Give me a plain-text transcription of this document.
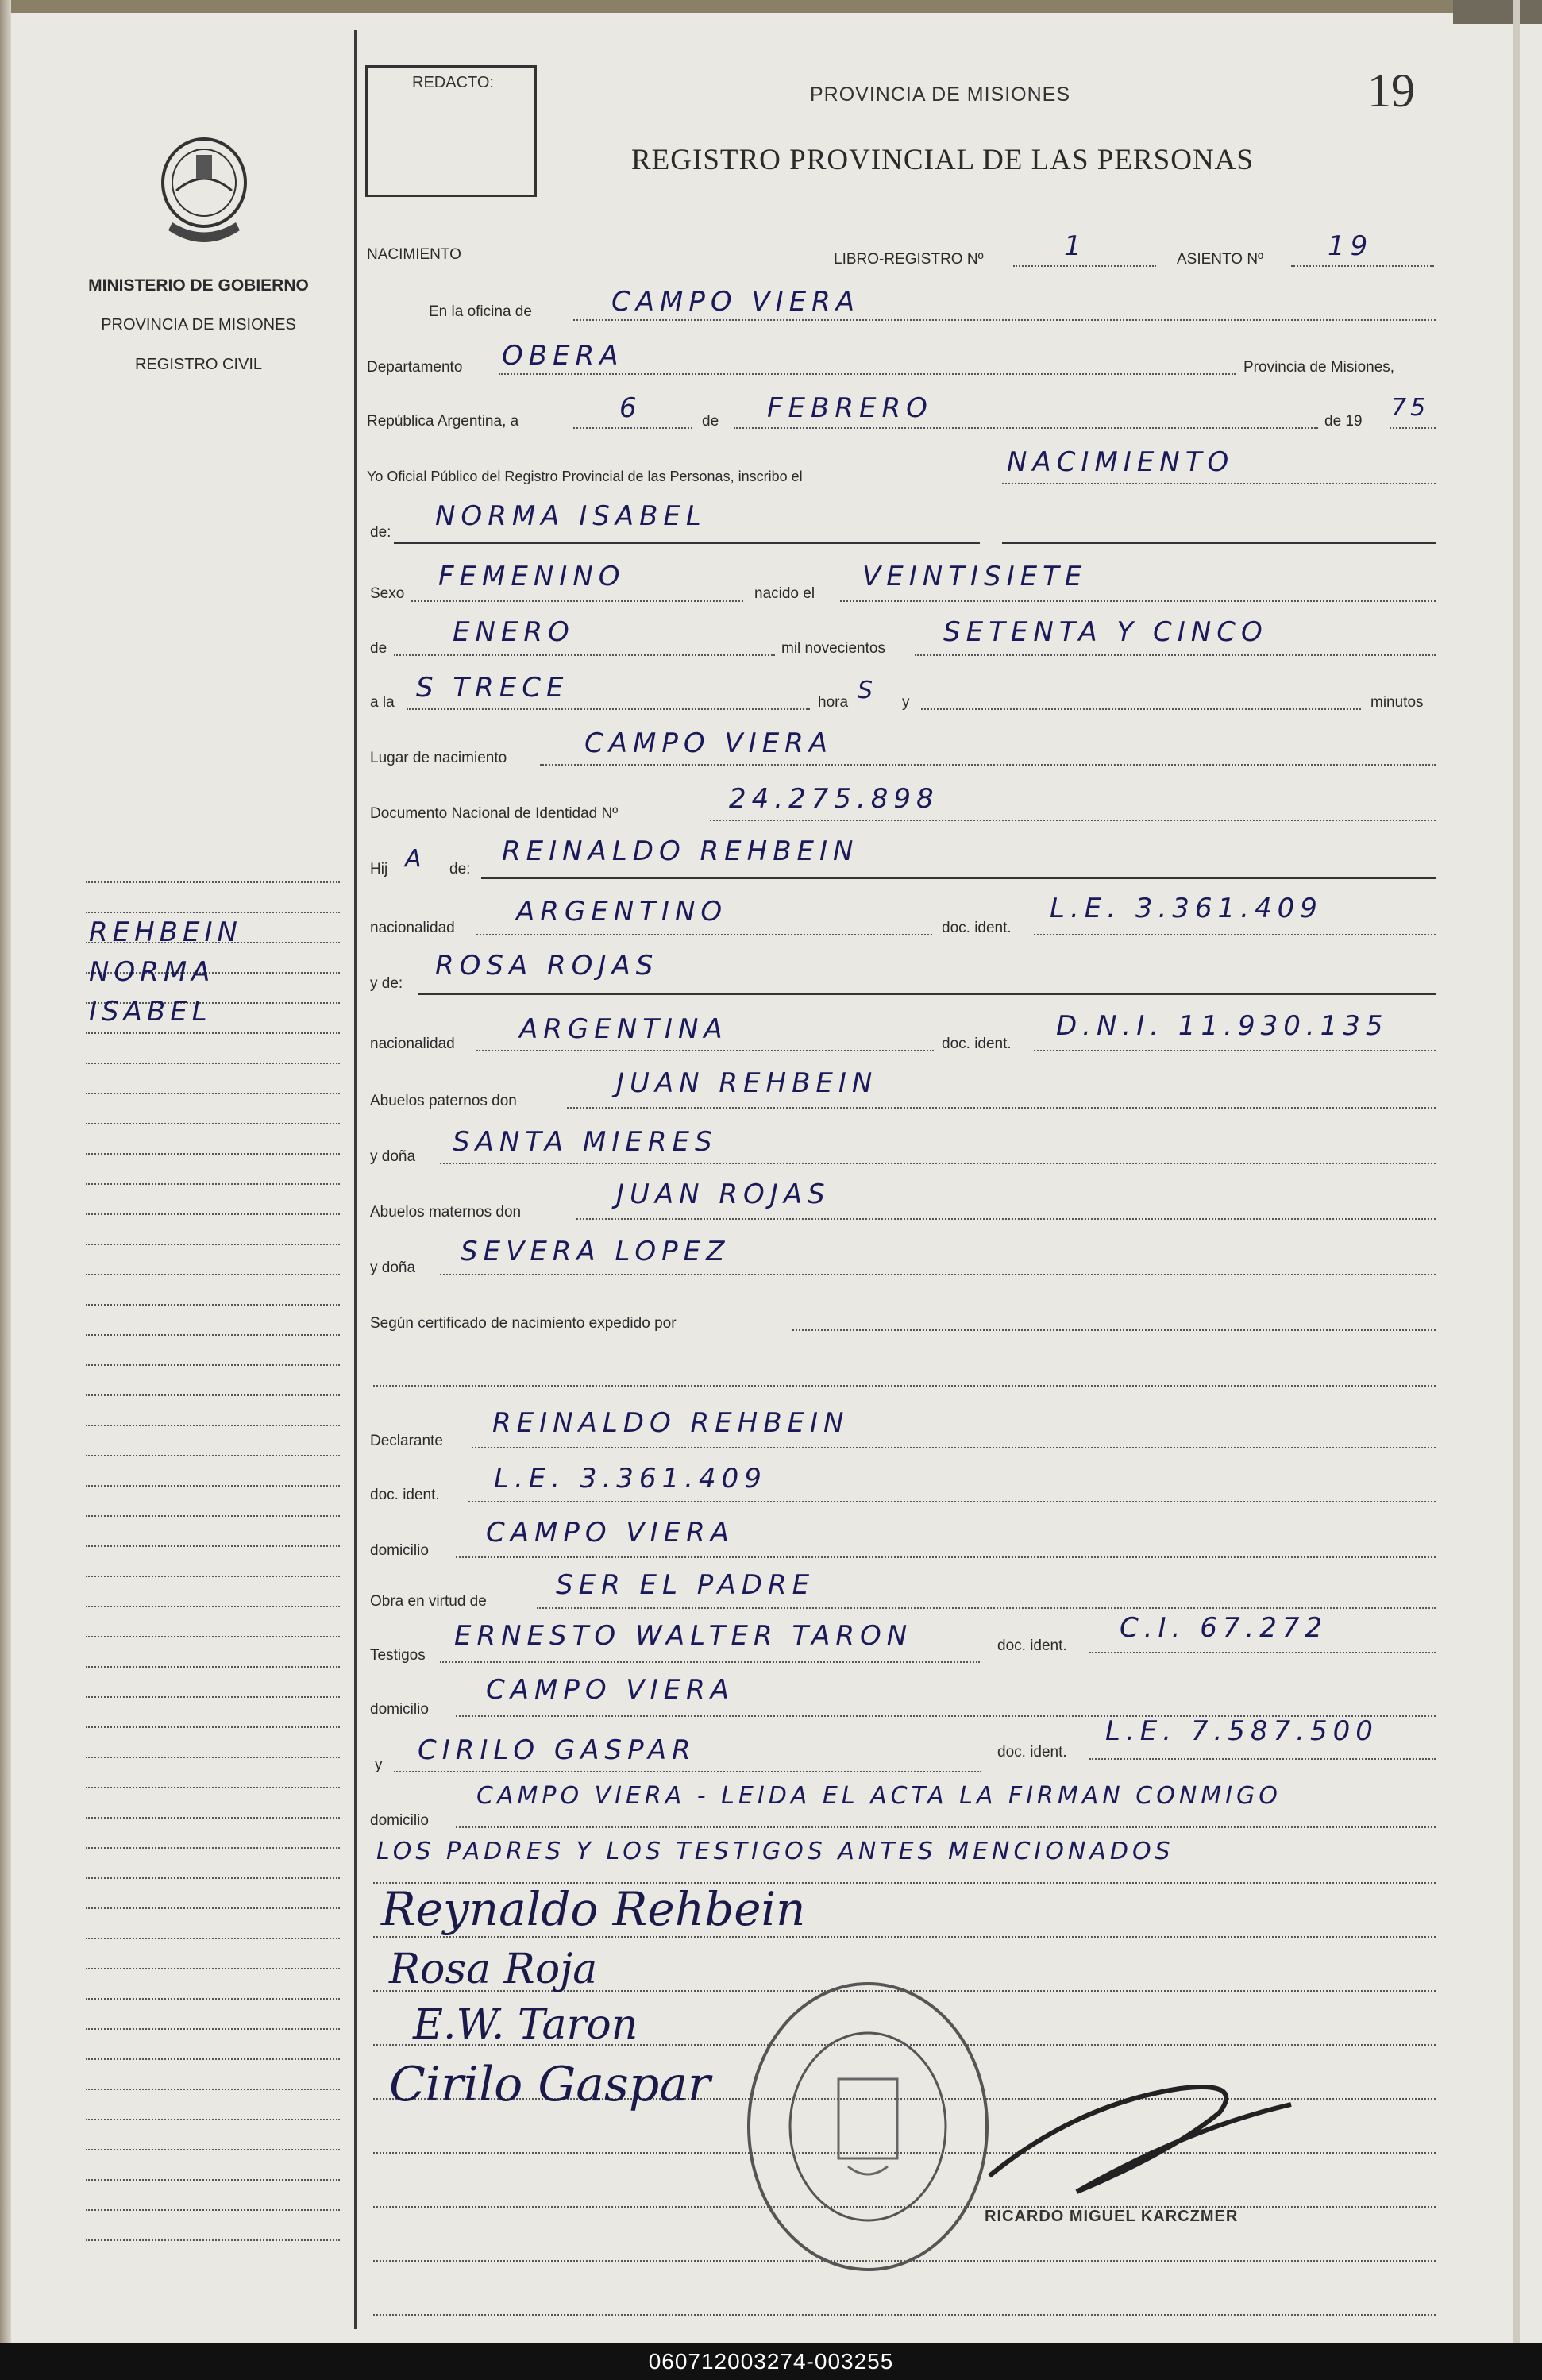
MINISTERIO DE GOBIERNO
PROVINCIA DE MISIONES
REGISTRO CIVIL
REHBEIN
NORMA
ISABEL
REDACTO:
PROVINCIA DE MISIONES	19
REGISTRO PROVINCIAL DE LAS PERSONAS
NACIMIENTO	LIBRO-REGISTRO Nº	1	ASIENTO Nº 19
En la oficina de	CAMPO VIERA
Departamento OBERA	Provincia de Misiones,
República Argentina, a	6	de FEBRERO	de 19 75
Yo Oficial Público del Registro Provincial de las Personas, inscribo el	NACIMIENTO
de:
NORMA ISABEL
Sexo
FEMENINO
nacido el
VEINTISIETE
de
ENERO
mil novecientos
SETENTA Y CINCO
a la S TRECE	hora S y	minutos
Lugar de nacimiento	CAMPO VIERA
Documento Nacional de Identidad Nº	24.275.898
Hij A de:
REINALDO REHBEIN
nacionalidad
ARGENTINO
doc. ident.
L.E. 3.361.409
y de:
ROSA ROJAS
nacionalidad ARGENTINA	doc. ident.
D.N.I. 11.930.135
Abuelos paternos don
JUAN REHBEIN
y doña SANTA MIERES
Abuelos maternos don
JUAN ROJAS
y doña
SEVERA LOPEZ
Según certificado de nacimiento expedido por
Declarante
REINALDO REHBEIN
doc. ident.
L.E. 3.361.409
domicilio
CAMPO VIERA
Obra en virtud de
SER EL PADRE
Testigos
ERNESTO WALTER TARON	doc. ident.
C.I. 67.272
domicilio
CAMPO VIERA
y CIRILO GASPAR	doc. ident.
L.E. 7.587.500
domicilio
CAMPO VIERA - LEIDA EL ACTA LA FIRMAN CONMIGO
LOS PADRES Y LOS TESTIGOS ANTES MENCIONADOS
Reynaldo Rehbein
Rosa Roja
E.W. Taron
Cirilo Gaspar
RICARDO MIGUEL KARCZMER
060712003274-003255
